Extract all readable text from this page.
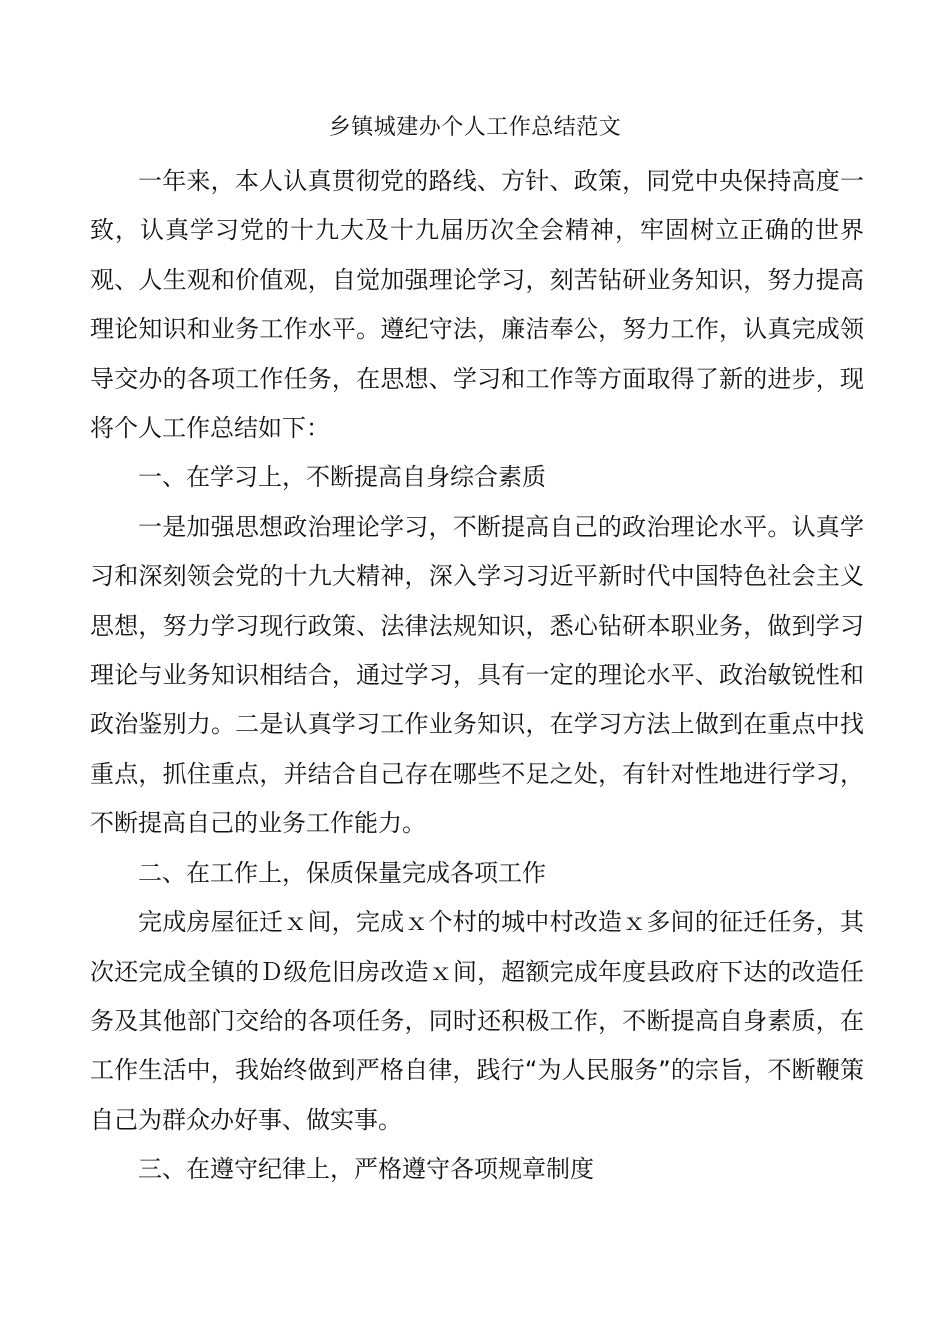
乡镇城建办个人工作总结范文

一年来，本人认真贯彻党的路线、方针、政策，同党中央保持高度一致，认真学习党的十九大及十九届历次全会精神，牢固树立正确的世界观、人生观和价值观，自觉加强理论学习，刻苦钻研业务知识，努力提高理论知识和业务工作水平。遵纪守法，廉洁奉公，努力工作，认真完成领导交办的各项工作任务，在思想、学习和工作等方面取得了新的进步，现将个人工作总结如下：

一、在学习上，不断提高自身综合素质

一是加强思想政治理论学习，不断提高自己的政治理论水平。认真学习和深刻领会党的十九大精神，深入学习习近平新时代中国特色社会主义思想，努力学习现行政策、法律法规知识，悉心钻研本职业务，做到学习理论与业务知识相结合，通过学习，具有一定的理论水平、政治敏锐性和政治鉴别力。二是认真学习工作业务知识，在学习方法上做到在重点中找重点，抓住重点，并结合自己存在哪些不足之处，有针对性地进行学习，不断提高自己的业务工作能力。

二、在工作上，保质保量完成各项工作

完成房屋征迁ｘ间，完成ｘ个村的城中村改造ｘ多间的征迁任务，其次还完成全镇的Ｄ级危旧房改造ｘ间，超额完成年度县政府下达的改造任务及其他部门交给的各项任务，同时还积极工作，不断提高自身素质，在工作生活中，我始终做到严格自律，践行“为人民服务”的宗旨，不断鞭策自己为群众办好事、做实事。

三、在遵守纪律上，严格遵守各项规章制度
